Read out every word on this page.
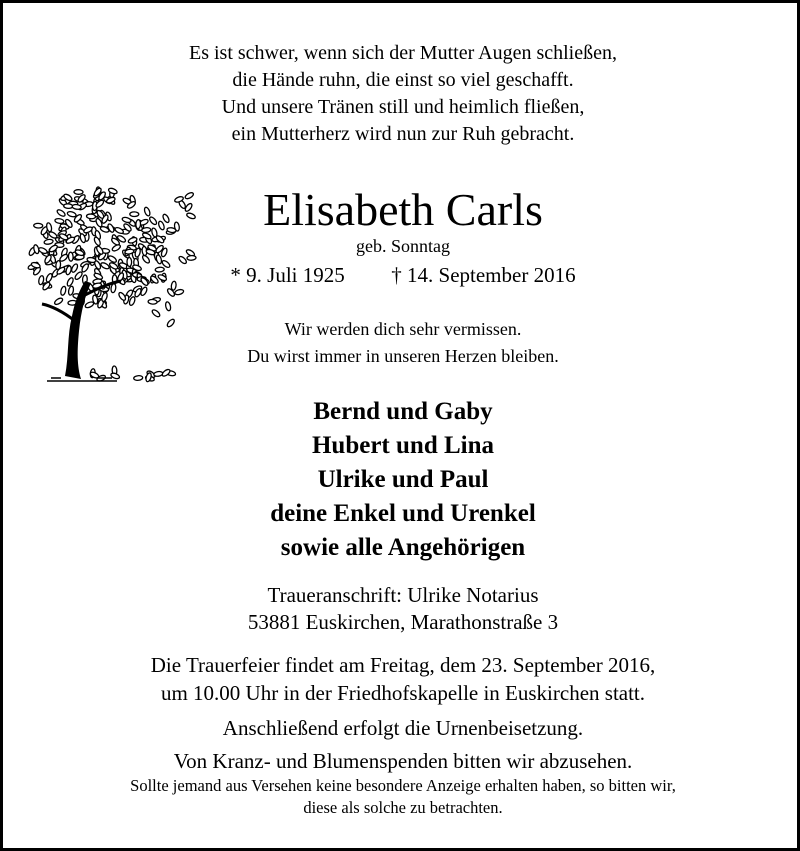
Es ist schwer, wenn sich der Mutter Augen schließen,
die Hände ruhn, die einst so viel geschafft.
Und unsere Tränen still und heimlich fließen,
ein Mutterherz wird nun zur Ruh gebracht.
Elisabeth Carls
geb. Sonntag
* 9. Juli 1925 † 14. September 2016
Wir werden dich sehr vermissen.
Du wirst immer in unseren Herzen bleiben.
Bernd und Gaby
Hubert und Lina
Ulrike und Paul
deine Enkel und Urenkel
sowie alle Angehörigen
Traueranschrift: Ulrike Notarius
53881 Euskirchen, Marathonstraße 3
Die Trauerfeier findet am Freitag, dem 23. September 2016,
um 10.00 Uhr in der Friedhofskapelle in Euskirchen statt.
Anschließend erfolgt die Urnenbeisetzung.
Von Kranz- und Blumenspenden bitten wir abzusehen.
Sollte jemand aus Versehen keine besondere Anzeige erhalten haben, so bitten wir,
diese als solche zu betrachten.
